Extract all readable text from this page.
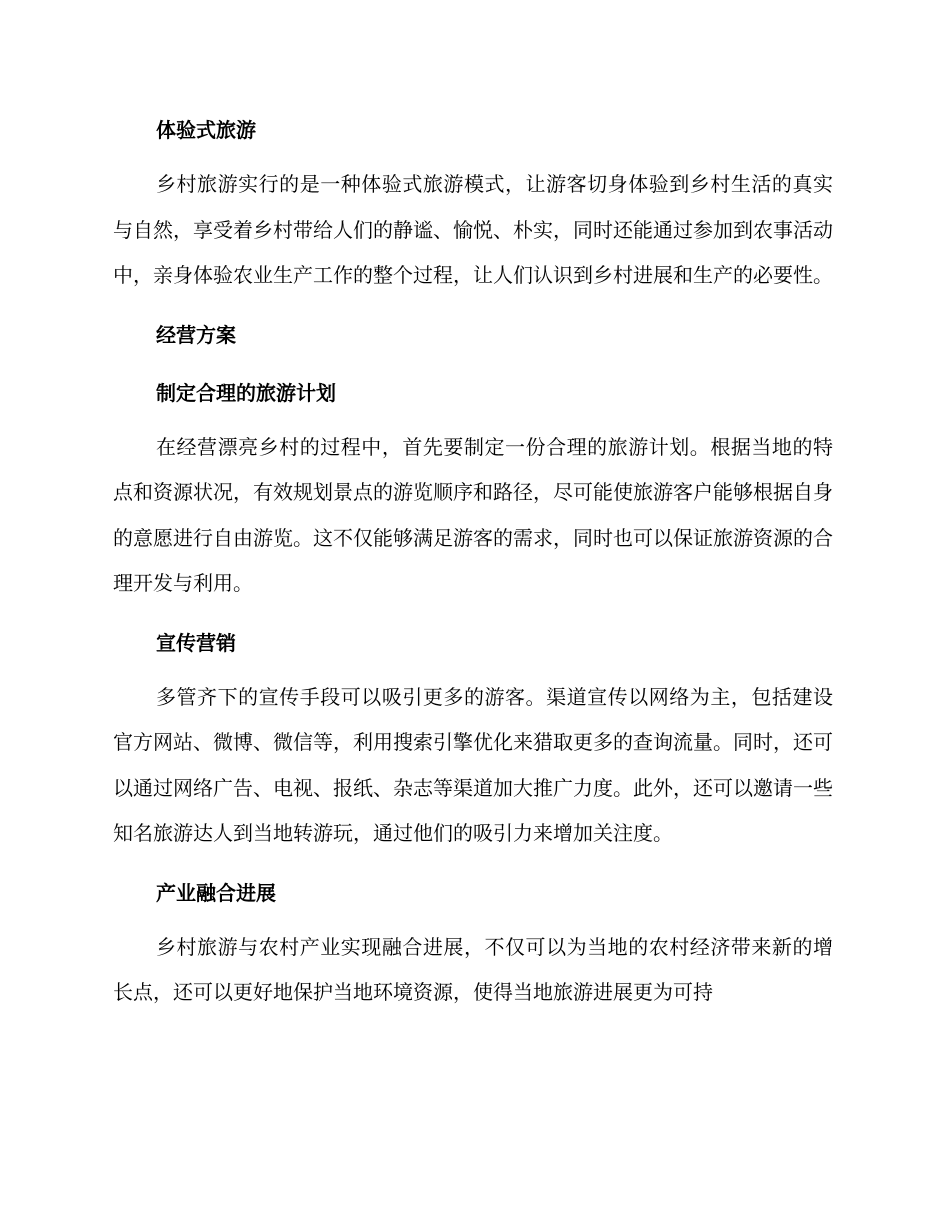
体验式旅游

乡村旅游实行的是一种体验式旅游模式，让游客切身体验到乡村生活的真实与自然，享受着乡村带给人们的静谧、愉悦、朴实，同时还能通过参加到农事活动中，亲身体验农业生产工作的整个过程，让人们认识到乡村进展和生产的必要性。

经营方案
制定合理的旅游计划

在经营漂亮乡村的过程中，首先要制定一份合理的旅游计划。根据当地的特点和资源状况，有效规划景点的游览顺序和路径，尽可能使旅游客户能够根据自身的意愿进行自由游览。这不仅能够满足游客的需求，同时也可以保证旅游资源的合理开发与利用。

宣传营销

多管齐下的宣传手段可以吸引更多的游客。渠道宣传以网络为主，包括建设官方网站、微博、微信等，利用搜索引擎优化来猎取更多的查询流量。同时，还可以通过网络广告、电视、报纸、杂志等渠道加大推广力度。此外，还可以邀请一些知名旅游达人到当地转游玩，通过他们的吸引力来增加关注度。

产业融合进展

乡村旅游与农村产业实现融合进展，不仅可以为当地的农村经济带来新的增长点，还可以更好地保护当地环境资源，使得当地旅游进展更为可持
